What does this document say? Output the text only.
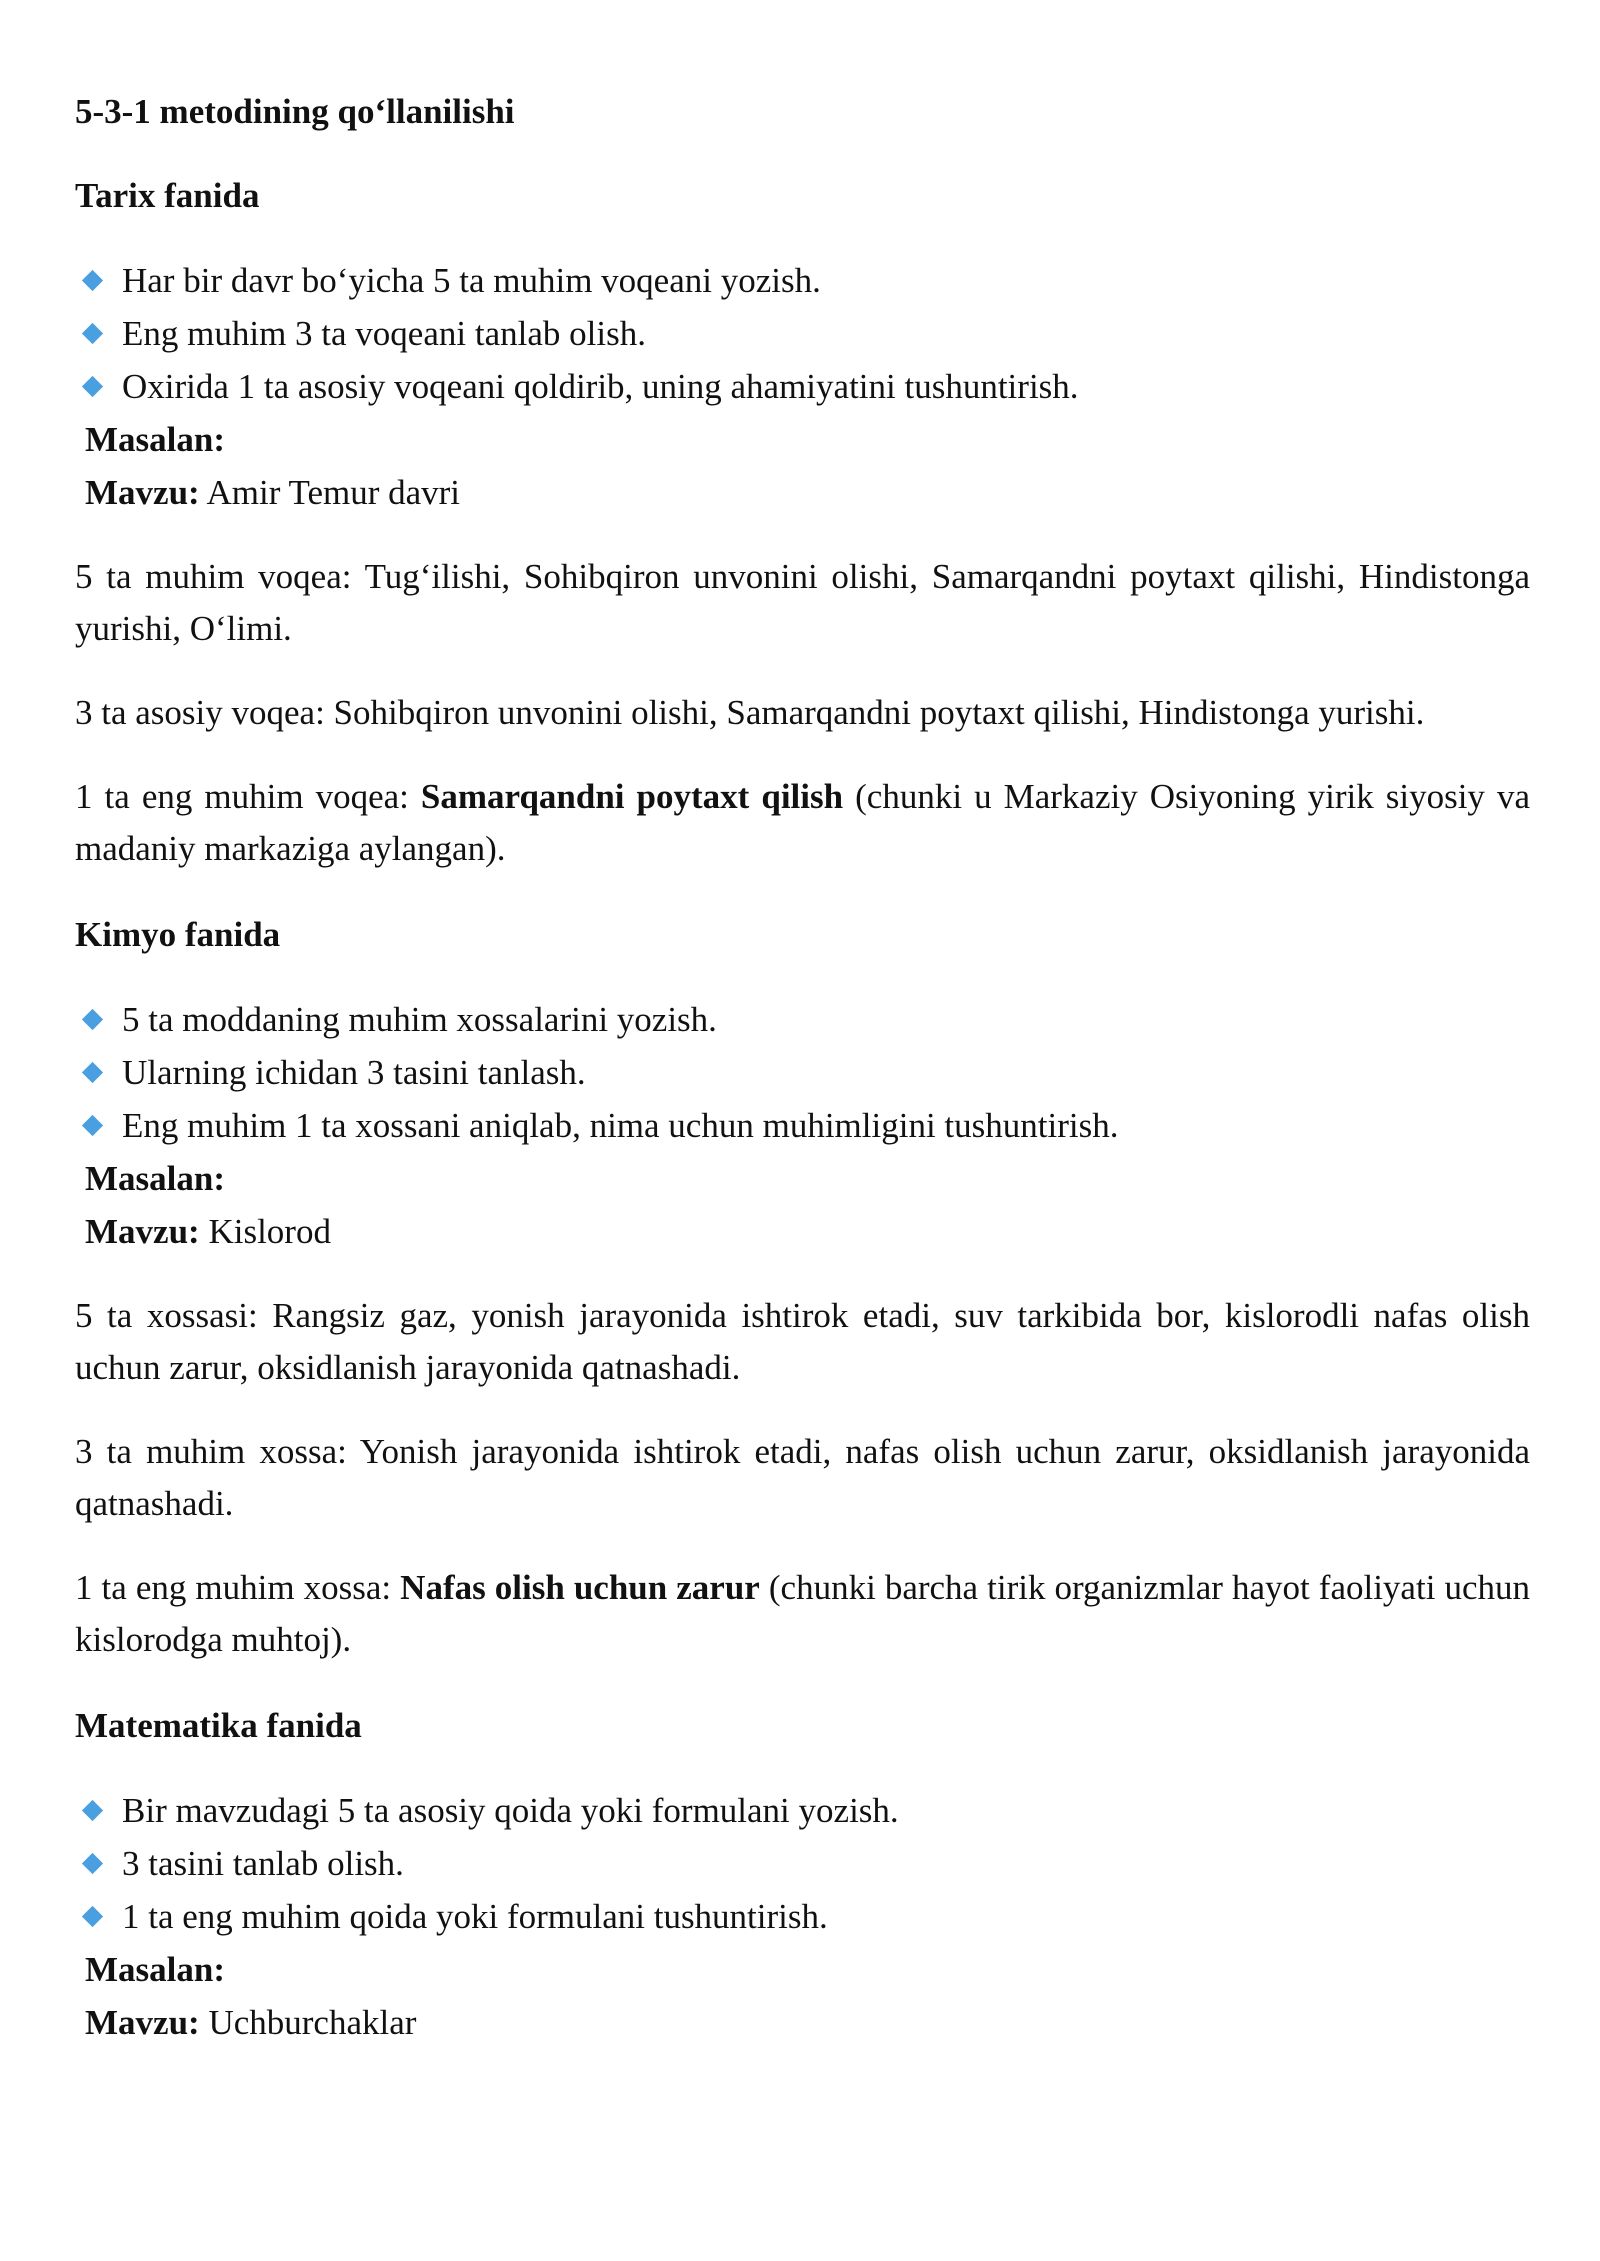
5-3-1 metodining qo‘llanilishi
Tarix fanida
Har bir davr bo‘yicha 5 ta muhim voqeani yozish.
Eng muhim 3 ta voqeani tanlab olish.
Oxirida 1 ta asosiy voqeani qoldirib, uning ahamiyatini tushuntirish.
Masalan:
Mavzu: Amir Temur davri

5 ta muhim voqea: Tug‘ilishi, Sohibqiron unvonini olishi, Samarqandni poytaxt qilishi, Hindistonga yurishi, O‘limi.

3 ta asosiy voqea: Sohibqiron unvonini olishi, Samarqandni poytaxt qilishi, Hindistonga yurishi.

1 ta eng muhim voqea: Samarqandni poytaxt qilish (chunki u Markaziy Osiyoning yirik siyosiy va madaniy markaziga aylangan).

Kimyo fanida
5 ta moddaning muhim xossalarini yozish.
Ularning ichidan 3 tasini tanlash.
Eng muhim 1 ta xossani aniqlab, nima uchun muhimligini tushuntirish.
Masalan:
Mavzu: Kislorod

5 ta xossasi: Rangsiz gaz, yonish jarayonida ishtirok etadi, suv tarkibida bor, kislorodli nafas olish uchun zarur, oksidlanish jarayonida qatnashadi.

3 ta muhim xossa: Yonish jarayonida ishtirok etadi, nafas olish uchun zarur, oksidlanish jarayonida qatnashadi.

1 ta eng muhim xossa: Nafas olish uchun zarur (chunki barcha tirik organizmlar hayot faoliyati uchun kislorodga muhtoj).

Matematika fanida
Bir mavzudagi 5 ta asosiy qoida yoki formulani yozish.
3 tasini tanlab olish.
1 ta eng muhim qoida yoki formulani tushuntirish.
Masalan:
Mavzu: Uchburchaklar
